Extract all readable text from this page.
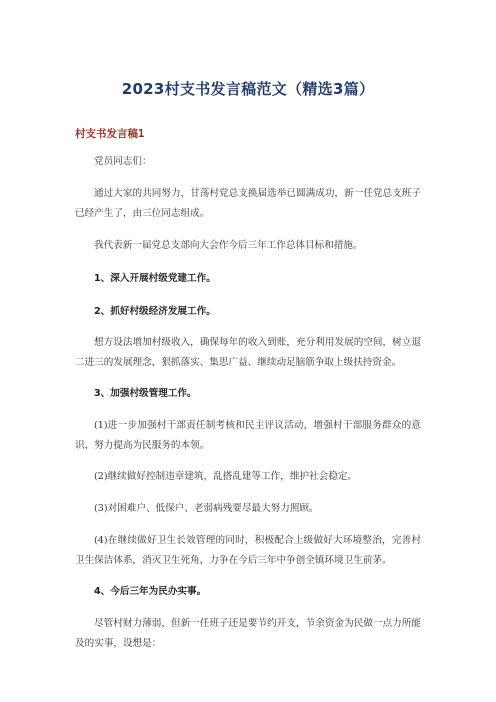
2023村支书发言稿范文（精选3篇）
村支书发言稿1

党员同志们：

通过大家的共同努力，甘荡村党总支换届选举已圆满成功，新一任党总支班子已经产生了，由三位同志组成。

我代表新一届党总支部向大会作今后三年工作总体目标和措施。

1、深入开展村级党建工作。

2、抓好村级经济发展工作。

想方设法增加村级收入，确保每年的收入到账，充分利用发展的空间，树立退二进三的发展理念，狠抓落实、集思广益、继续动足脑筋争取上级扶持资金。

3、加强村级管理工作。

(1)进一步加强村干部责任制考核和民主评议活动，增强村干部服务群众的意识，努力提高为民服务的本领。

(2)继续做好控制违章建筑，乱搭乱建等工作，维护社会稳定。

(3)对困难户、低保户、老弱病残要尽最大努力照顾。

(4)在继续做好卫生长效管理的同时，积极配合上级做好大环境整治，完善村卫生保洁体系，消灭卫生死角，力争在今后三年中争创全镇环境卫生前茅。

4、今后三年为民办实事。

尽管村财力薄弱，但新一任班子还是要节约开支，节余资金为民做一点力所能及的实事，设想是：
